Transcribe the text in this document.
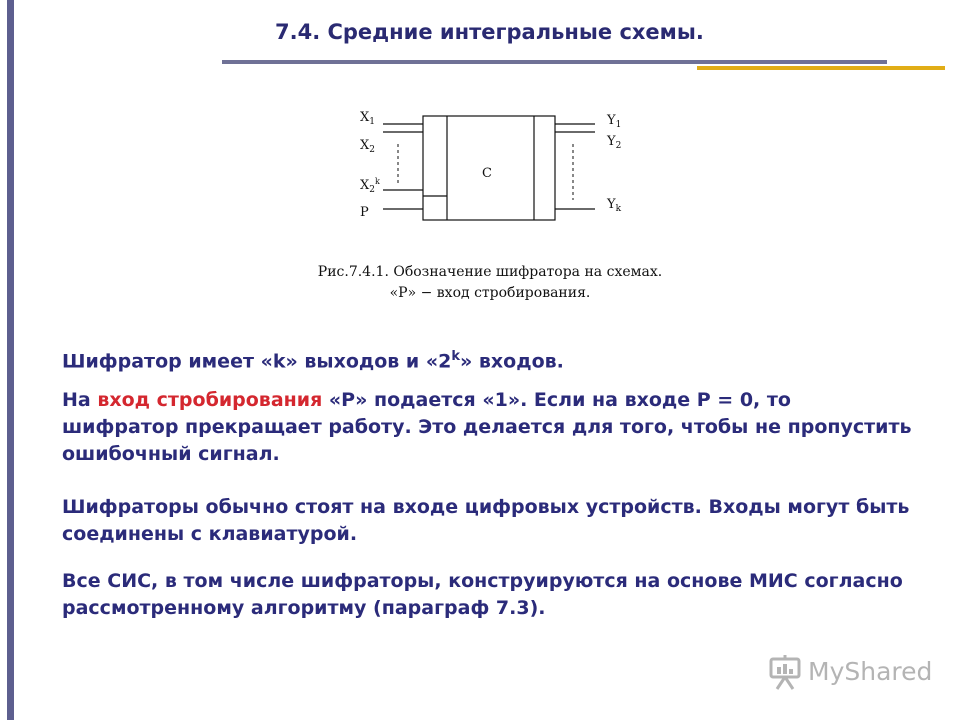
7.4. Средние интегральные схемы.
C
$X_1$
$X_2$
$X_2^k$
P
$Y_1$
$Y_2$
$Y_k$
Рис.7.4.1. Обозначение шифратора на схемах.
«P» − вход стробирования.
Шифратор имеет «k» выходов и «2$^k$» входов.
На вход стробирования «P» подается «1». Если на входе Р = 0, то шифратор прекращает работу. Это делается для того, чтобы не пропустить ошибочный сигнал.
Шифраторы обычно стоят на входе цифровых устройств. Входы могут быть соединены с клавиатурой.
Все СИС, в том числе шифраторы, конструируются на основе МИС согласно рассмотренному алгоритму (параграф 7.3).
MyShared
